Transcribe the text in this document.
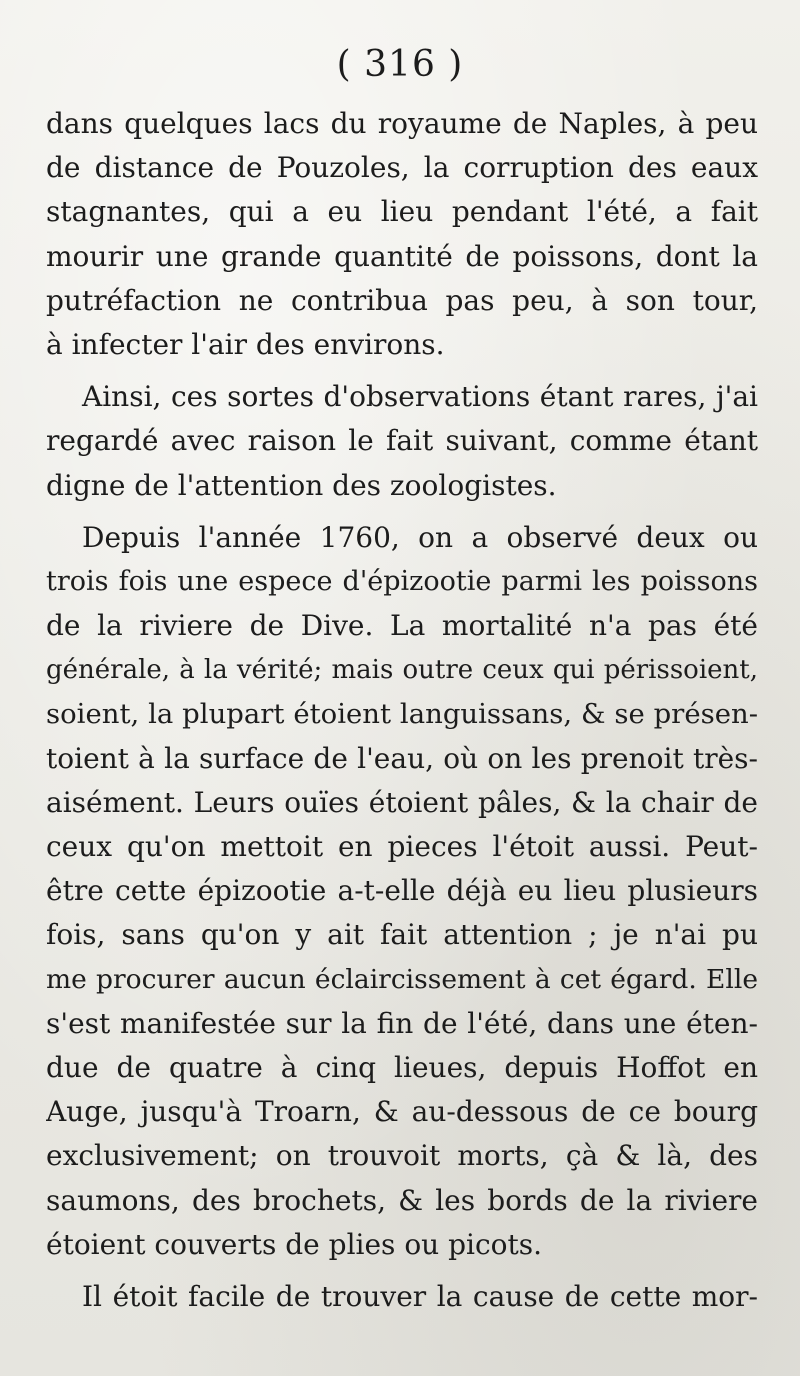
( 316 )
dans quelques lacs du royaume de Naples, à peu
de distance de Pouzoles, la corruption des eaux
stagnantes, qui a eu lieu pendant l'été, a fait
mourir une grande quantité de poissons, dont la
putréfaction ne contribua pas peu, à son tour,
à infecter l'air des environs.
Ainsi, ces sortes d'observations étant rares, j'ai
regardé avec raison le fait suivant, comme étant
digne de l'attention des zoologistes.
Depuis l'année 1760, on a observé deux ou
trois fois une espece d'épizootie parmi les poissons
de la riviere de Dive. La mortalité n'a pas été
générale, à la vérité; mais outre ceux qui périssoient,
soient, la plupart étoient languissans, & se présen-
toient à la surface de l'eau, où on les prenoit très-
aisément. Leurs ouïes étoient pâles, & la chair de
ceux qu'on mettoit en pieces l'étoit aussi. Peut-
être cette épizootie a-t-elle déjà eu lieu plusieurs
fois, sans qu'on y ait fait attention ; je n'ai pu
me procurer aucun éclaircissement à cet égard. Elle
s'est manifestée sur la fin de l'été, dans une éten-
due de quatre à cinq lieues, depuis Hoffot en
Auge, jusqu'à Troarn, & au-dessous de ce bourg
exclusivement; on trouvoit morts, çà & là, des
saumons, des brochets, & les bords de la riviere
étoient couverts de plies ou picots.
Il étoit facile de trouver la cause de cette mor-
